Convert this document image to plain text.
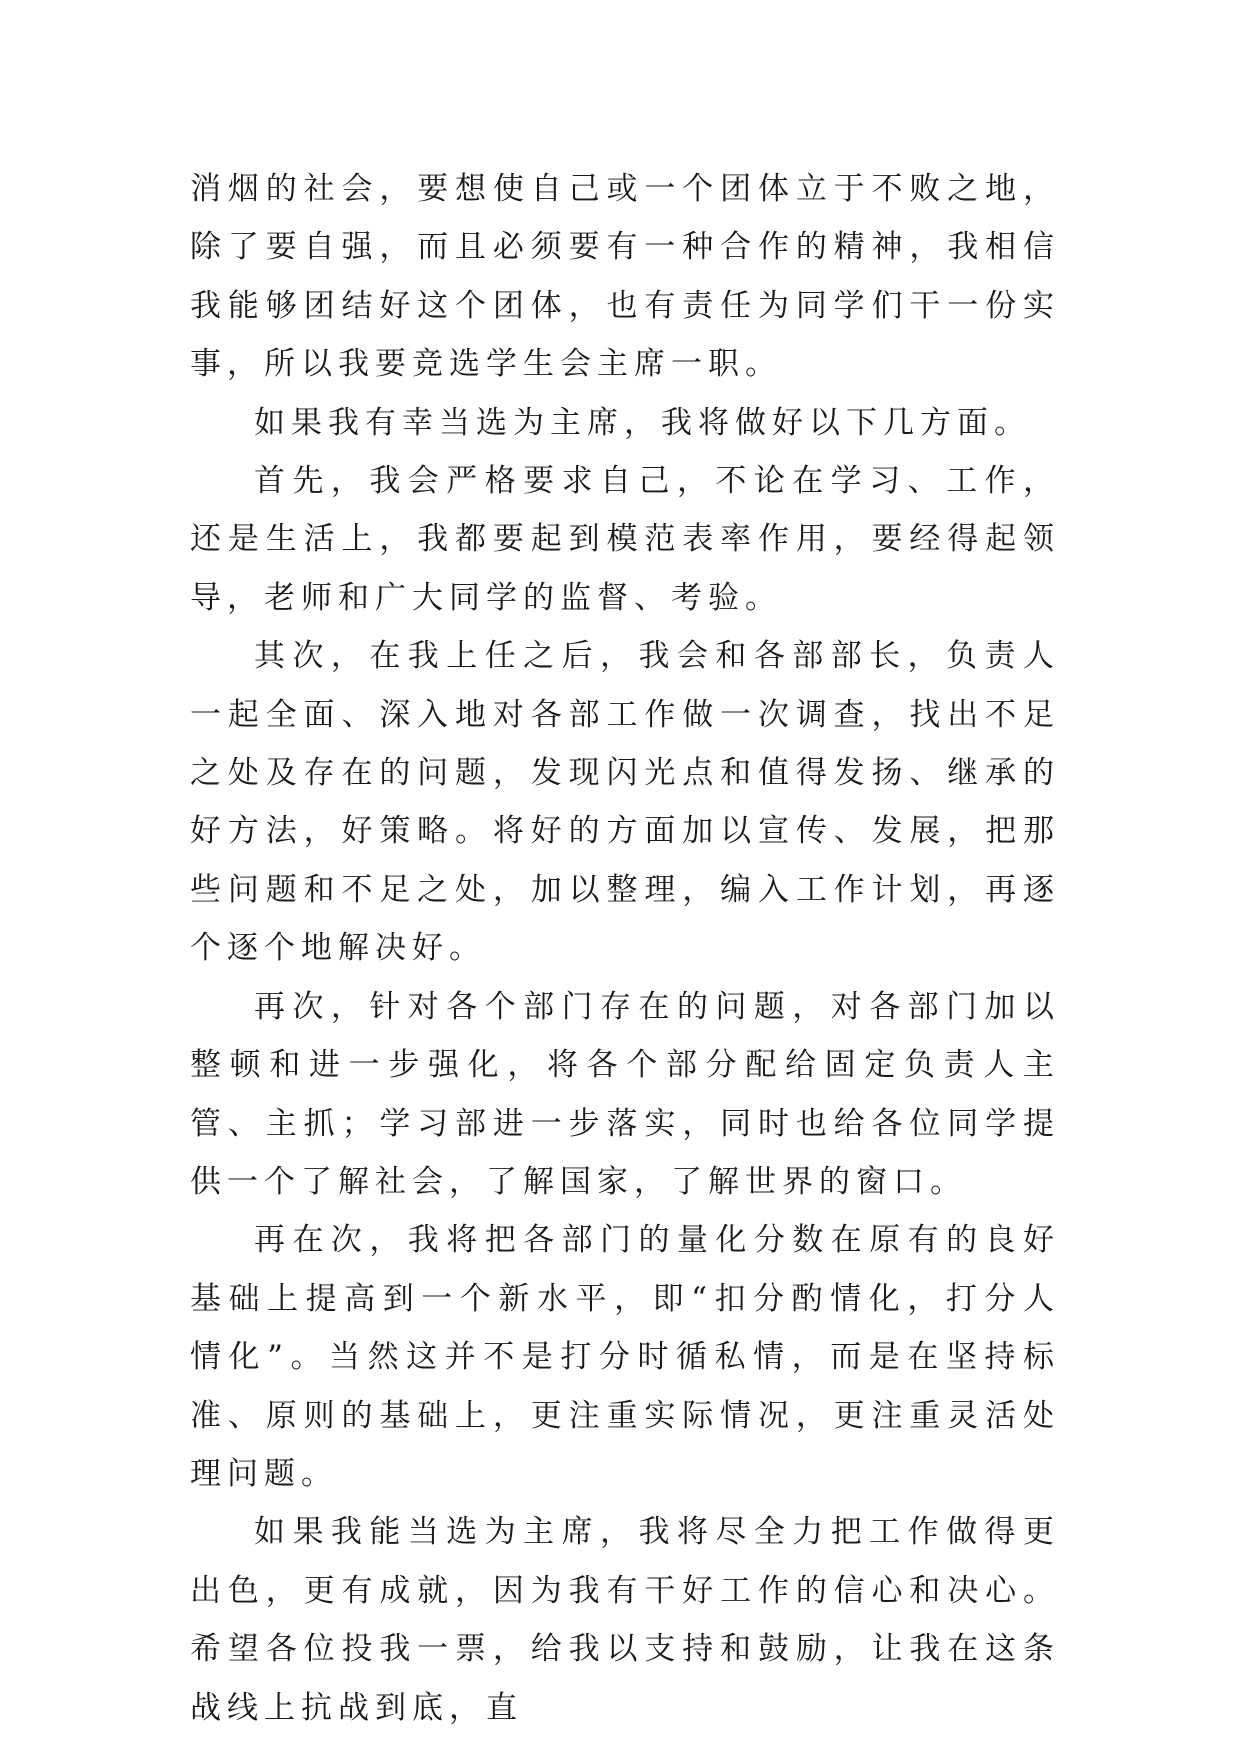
消烟的社会，要想使自己或一个团体立于不败之地，除了要自强，而且必须要有一种合作的精神，我相信我能够团结好这个团体，也有责任为同学们干一份实事，所以我要竞选学生会主席一职。

如果我有幸当选为主席，我将做好以下几方面。

首先，我会严格要求自己，不论在学习、工作，还是生活上，我都要起到模范表率作用，要经得起领导，老师和广大同学的监督、考验。

其次，在我上任之后，我会和各部部长，负责人一起全面、深入地对各部工作做一次调查，找出不足之处及存在的问题，发现闪光点和值得发扬、继承的好方法，好策略。将好的方面加以宣传、发展，把那些问题和不足之处，加以整理，编入工作计划，再逐个逐个地解决好。

再次，针对各个部门存在的问题，对各部门加以整顿和进一步强化，将各个部分配给固定负责人主管、主抓；学习部进一步落实，同时也给各位同学提供一个了解社会，了解国家，了解世界的窗口。

再在次，我将把各部门的量化分数在原有的良好基础上提高到一个新水平，即“扣分酌情化，打分人情化”。当然这并不是打分时循私情，而是在坚持标准、原则的基础上，更注重实际情况，更注重灵活处理问题。

如果我能当选为主席，我将尽全力把工作做得更出色，更有成就，因为我有干好工作的信心和决心。希望各位投我一票，给我以支持和鼓励，让我在这条战线上抗战到底，直
